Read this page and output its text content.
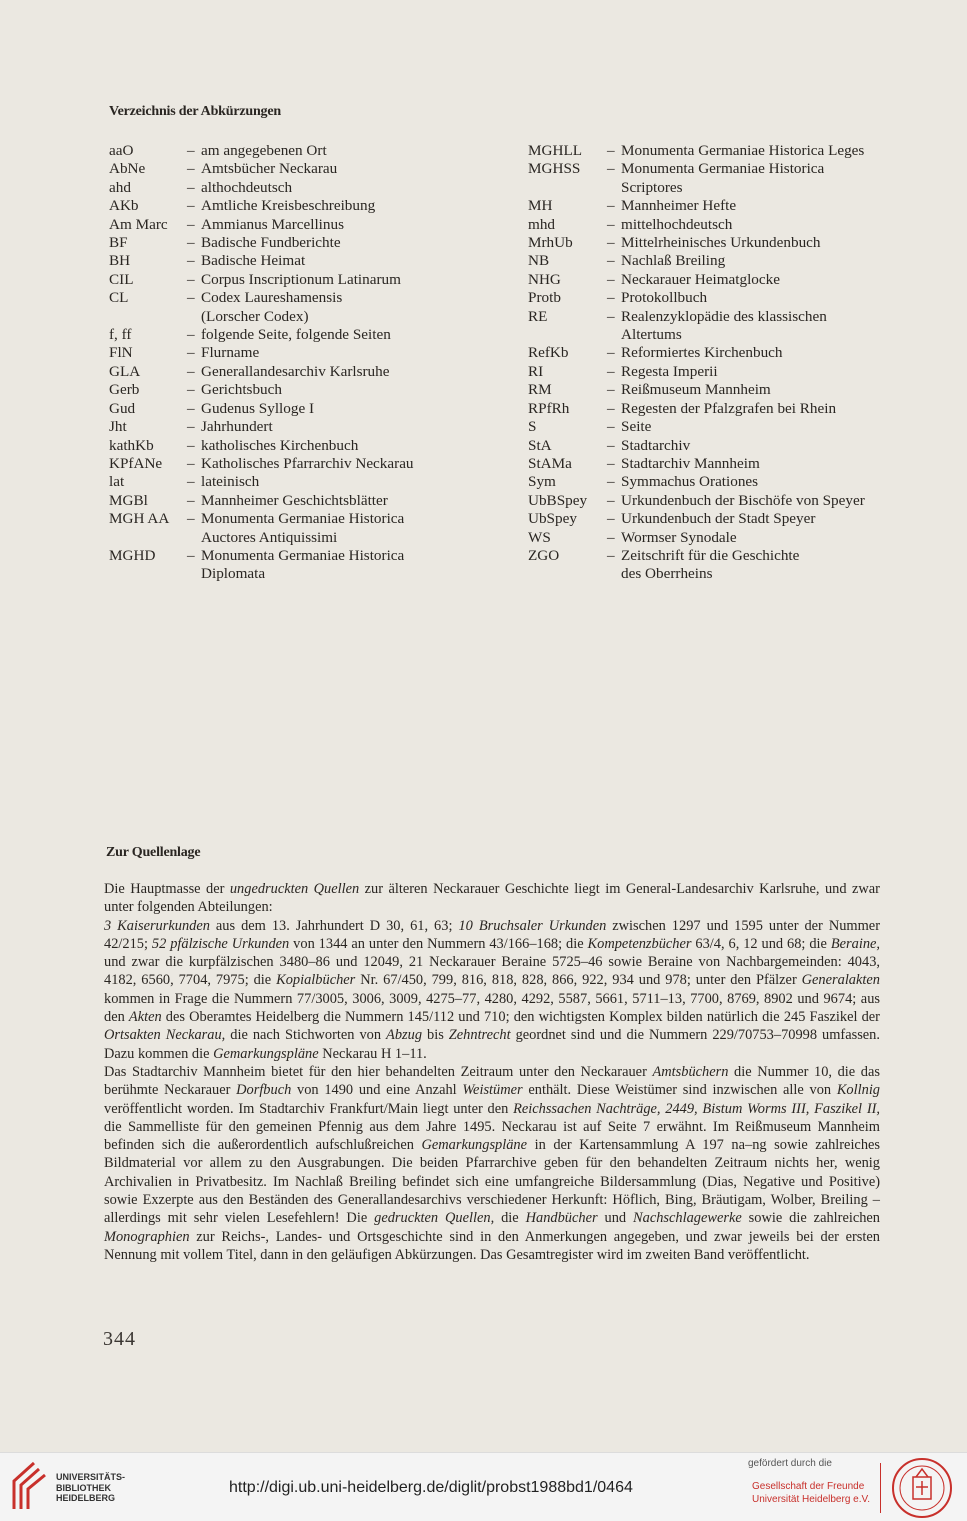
Verzeichnis der Abkürzungen
aaO	– am angegebenen Ort
AbNe	– Amtsbücher Neckarau
ahd	– althochdeutsch
AKb	– Amtliche Kreisbeschreibung
Am Marc	– Ammianus Marcellinus
BF	– Badische Fundberichte
BH	– Badische Heimat
CIL	– Corpus Inscriptionum Latinarum
CL	– Codex Laureshamensis
(Lorscher Codex)
f, ff	– folgende Seite, folgende Seiten
FlN	– Flurname
GLA	– Generallandesarchiv Karlsruhe
Gerb	– Gerichtsbuch
Gud	– Gudenus Sylloge I
Jht	– Jahrhundert
kathKb	– katholisches Kirchenbuch
KPfANe	– Katholisches Pfarrarchiv Neckarau
lat	– lateinisch
MGBl	– Mannheimer Geschichtsblätter
MGH AA	– Monumenta Germaniae Historica
Auctores Antiquissimi
MGHD	– Monumenta Germaniae Historica
Diplomata
MGHLL	– Monumenta Germaniae Historica Leges
MGHSS	– Monumenta Germaniae Historica
Scriptores
MH	– Mannheimer Hefte
mhd	– mittelhochdeutsch
MrhUb	– Mittelrheinisches Urkundenbuch
NB	– Nachlaß Breiling
NHG	– Neckarauer Heimatglocke
Protb	– Protokollbuch
RE	– Realenzyklopädie des klassischen
Altertums
RefKb	– Reformiertes Kirchenbuch
RI	– Regesta Imperii
RM	– Reißmuseum Mannheim
RPfRh	– Regesten der Pfalzgrafen bei Rhein
S	– Seite
StA	– Stadtarchiv
StAMa	– Stadtarchiv Mannheim
Sym	– Symmachus Orationes
UbBSpey	– Urkundenbuch der Bischöfe von Speyer
UbSpey	– Urkundenbuch der Stadt Speyer
WS	– Wormser Synodale
ZGO	– Zeitschrift für die Geschichte
des Oberrheins
Zur Quellenlage

Die Hauptmasse der ungedruckten Quellen zur älteren Neckarauer Geschichte liegt im General-Landesarchiv Karlsruhe, und zwar unter folgenden Abteilungen:

3 Kaiserurkunden aus dem 13. Jahrhundert D 30, 61, 63; 10 Bruchsaler Urkunden zwischen 1297 und 1595 unter der Nummer 42/215; 52 pfälzische Urkunden von 1344 an unter den Nummern 43/166–168; die Kompetenzbücher 63/4, 6, 12 und 68; die Beraine, und zwar die kurpfälzischen 3480–86 und 12049, 21 Neckarauer Beraine 5725–46 sowie Beraine von Nachbargemeinden: 4043, 4182, 6560, 7704, 7975; die Kopialbücher Nr. 67/450, 799, 816, 818, 828, 866, 922, 934 und 978; unter den Pfälzer Generalakten kommen in Frage die Nummern 77/3005, 3006, 3009, 4275–77, 4280, 4292, 5587, 5661, 5711–13, 7700, 8769, 8902 und 9674; aus den Akten des Oberamtes Heidelberg die Nummern 145/112 und 710; den wichtigsten Komplex bilden natürlich die 245 Faszikel der Ortsakten Neckarau, die nach Stichworten von Abzug bis Zehntrecht geordnet sind und die Nummern 229/70753–70998 umfassen. Dazu kommen die Gemarkungspläne Neckarau H 1–11.

Das Stadtarchiv Mannheim bietet für den hier behandelten Zeitraum unter den Neckarauer Amtsbüchern die Nummer 10, die das berühmte Neckarauer Dorfbuch von 1490 und eine Anzahl Weistümer enthält. Diese Weistümer sind inzwischen alle von Kollnig veröffentlicht worden. Im Stadtarchiv Frankfurt/Main liegt unter den Reichssachen Nachträge, 2449, Bistum Worms III, Faszikel II, die Sammelliste für den gemeinen Pfennig aus dem Jahre 1495. Neckarau ist auf Seite 7 erwähnt. Im Reißmuseum Mannheim befinden sich die außerordentlich aufschlußreichen Gemarkungspläne in der Kartensammlung A 197 na–ng sowie zahlreiches Bildmaterial vor allem zu den Ausgrabungen. Die beiden Pfarrarchive geben für den behandelten Zeitraum nichts her, wenig Archivalien in Privatbesitz. Im Nachlaß Breiling befindet sich eine umfangreiche Bildersammlung (Dias, Negative und Positive) sowie Exzerpte aus den Beständen des Generallandesarchivs verschiedener Herkunft: Höflich, Bing, Bräutigam, Wolber, Breiling – allerdings mit sehr vielen Lesefehlern! Die gedruckten Quellen, die Handbücher und Nachschlagewerke sowie die zahlreichen Monographien zur Reichs-, Landes- und Ortsgeschichte sind in den Anmerkungen angegeben, und zwar jeweils bei der ersten Nennung mit vollem Titel, dann in den geläufigen Abkürzungen. Das Gesamtregister wird im zweiten Band veröffentlicht.

344
UNIVERSITÄTS-
BIBLIOTHEK
HEIDELBERG
http://digi.ub.uni-heidelberg.de/diglit/probst1988bd1/0464
gefördert durch die
Gesellschaft der Freunde
Universität Heidelberg e.V.
